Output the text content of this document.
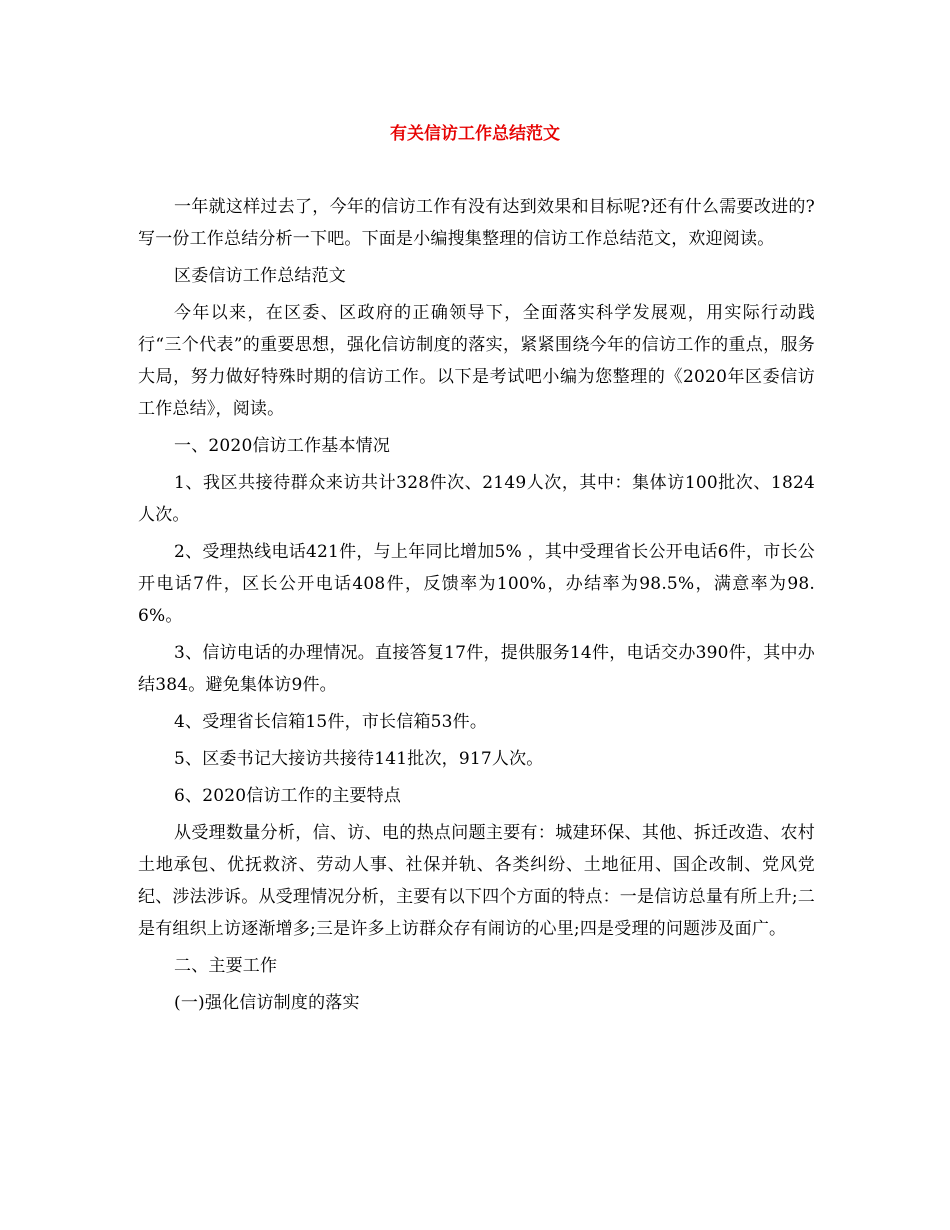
有关信访工作总结范文

一年就这样过去了，今年的信访工作有没有达到效果和目标呢?还有什么需要改进的?写一份工作总结分析一下吧。下面是小编搜集整理的信访工作总结范文，欢迎阅读。

区委信访工作总结范文

今年以来，在区委、区政府的正确领导下，全面落实科学发展观，用实际行动践行“三个代表”的重要思想，强化信访制度的落实，紧紧围绕今年的信访工作的重点，服务大局，努力做好特殊时期的信访工作。以下是考试吧小编为您整理的《2020年区委信访工作总结》，阅读。

一、2020信访工作基本情况

1、我区共接待群众来访共计328件次、2149人次，其中：集体访100批次、1824人次。

2、受理热线电话421件，与上年同比增加5% ，其中受理省长公开电话6件，市长公开电话7件，区长公开电话408件，反馈率为100%，办结率为98.5%，满意率为98.6%。

3、信访电话的办理情况。直接答复17件，提供服务14件，电话交办390件，其中办结384。避免集体访9件。

4、受理省长信箱15件，市长信箱53件。

5、区委书记大接访共接待141批次，917人次。

6、2020信访工作的主要特点

从受理数量分析，信、访、电的热点问题主要有：城建环保、其他、拆迁改造、农村土地承包、优抚救济、劳动人事、社保并轨、各类纠纷、土地征用、国企改制、党风党纪、涉法涉诉。从受理情况分析，主要有以下四个方面的特点：一是信访总量有所上升;二是有组织上访逐渐增多;三是许多上访群众存有闹访的心里;四是受理的问题涉及面广。

二、主要工作

(一)强化信访制度的落实
